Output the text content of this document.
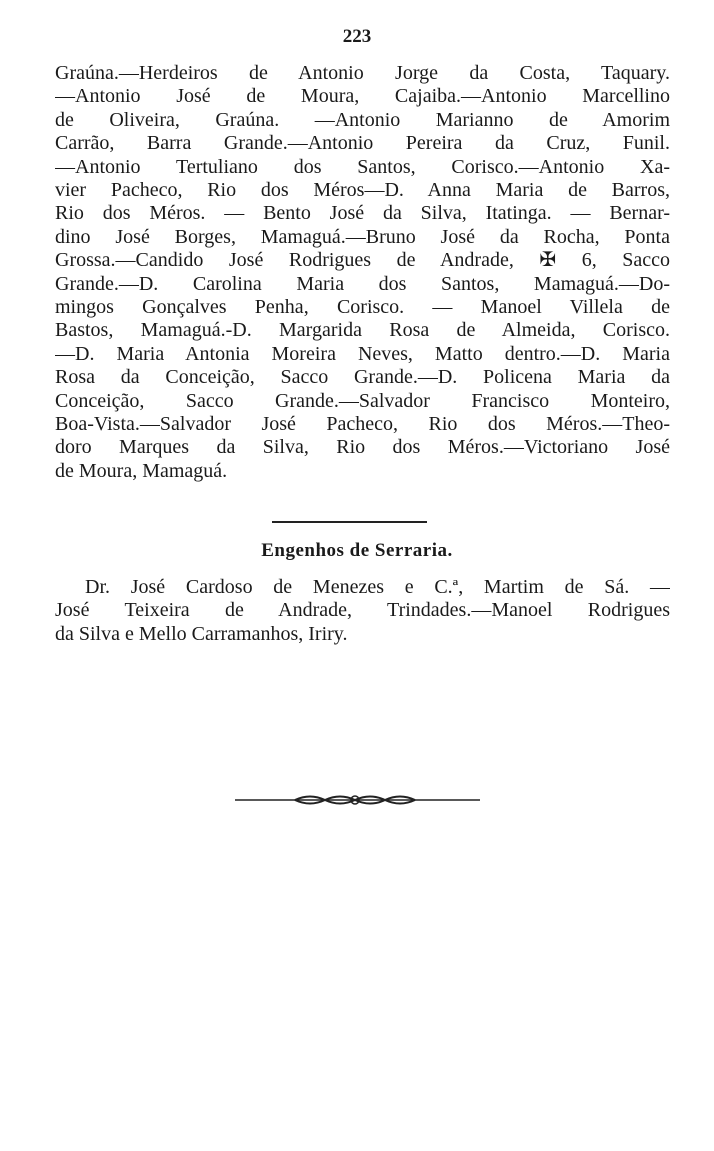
223
Graúna.—Herdeiros de Antonio Jorge da Costa, Taquary.
—Antonio José de Moura, Cajaiba.—Antonio Marcellino
de Oliveira, Graúna. —Antonio Marianno de Amorim
Carrão, Barra Grande.—Antonio Pereira da Cruz, Funil.
—Antonio Tertuliano dos Santos, Corisco.—Antonio Xa-
vier Pacheco, Rio dos Méros—D. Anna Maria de Barros,
Rio dos Méros. — Bento José da Silva, Itatinga. — Bernar-
dino José Borges, Mamaguá.—Bruno José da Rocha, Ponta
Grossa.—Candido José Rodrigues de Andrade, ✠ 6, Sacco
Grande.—D. Carolina Maria dos Santos, Mamaguá.—Do-
mingos Gonçalves Penha, Corisco. — Manoel Villela de
Bastos, Mamaguá.-D. Margarida Rosa de Almeida, Corisco.
—D. Maria Antonia Moreira Neves, Matto dentro.—D. Maria
Rosa da Conceição, Sacco Grande.—D. Policena Maria da
Conceição, Sacco Grande.—Salvador Francisco Monteiro,
Boa-Vista.—Salvador José Pacheco, Rio dos Méros.—Theo-
doro Marques da Silva, Rio dos Méros.—Victoriano José
de Moura, Mamaguá.
Engenhos de Serraria.
Dr. José Cardoso de Menezes e C.ª, Martim de Sá. —
José Teixeira de Andrade, Trindades.—Manoel Rodrigues
da Silva e Mello Carramanhos, Iriry.
